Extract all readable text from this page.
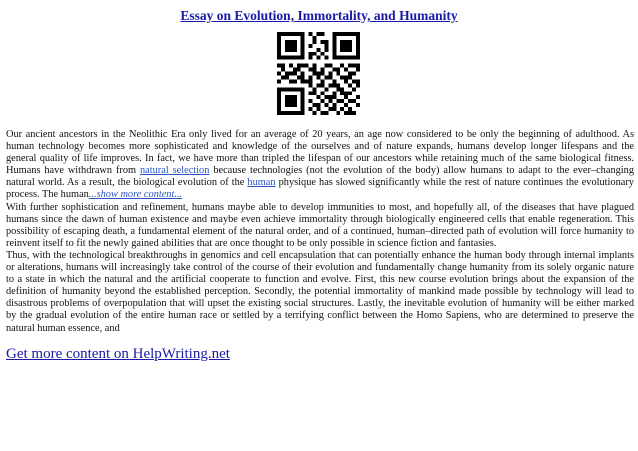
Essay on Evolution, Immortality, and Humanity

Our ancient ancestors in the Neolithic Era only lived for an average of 20 years, an age now considered to be only the beginning of adulthood. As human technology becomes more sophisticated and knowledge of the ourselves and of nature expands, humans develop longer lifespans and the general quality of life improves. In fact, we have more than tripled the lifespan of our ancestors while retaining much of the same biological fitness. Humans have withdrawn from natural selection because technologies (not the evolution of the body) allow humans to adapt to the ever–changing natural world. As a result, the biological evolution of the human physique has slowed significantly while the rest of nature continues the evolutionary process. The human...show more content...

With further sophistication and refinement, humans maybe able to develop immunities to most, and hopefully all, of the diseases that have plagued humans since the dawn of human existence and maybe even achieve immortality through biologically engineered cells that enable regeneration. This possibility of escaping death, a fundamental element of the natural order, and of a continued, human–directed path of evolution will force humanity to reinvent itself to fit the newly gained abilities that are once thought to be only possible in science fiction and fantasies.

Thus, with the technological breakthroughs in genomics and cell encapsulation that can potentially enhance the human body through internal implants or alterations, humans will increasingly take control of the course of their evolution and fundamentally change humanity from its solely organic nature to a state in which the natural and the artificial cooperate to function and evolve. First, this new course evolution brings about the expansion of the definition of humanity beyond the established perception. Secondly, the potential immortality of mankind made possible by technology will lead to disastrous problems of overpopulation that will upset the existing social structures. Lastly, the inevitable evolution of humanity will be either marked by the gradual evolution of the entire human race or settled by a terrifying conflict between the Homo Sapiens, who are determined to preserve the natural human essence, and

Get more content on HelpWriting.net
